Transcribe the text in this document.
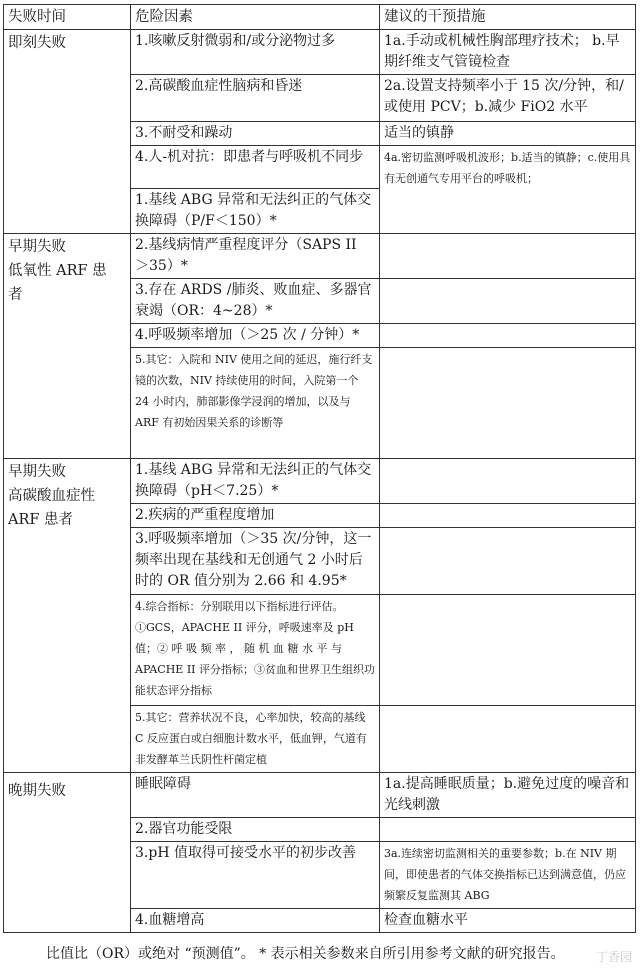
失败时间	危险因素	建议的干预措施

即刻失败	1.咳嗽反射微弱和/或分泌物过多	1a.手动或机械性胸部理疗技术； b.早期纤维支气管镜检查
	2.高碳酸血症性脑病和昏迷	2a.设置支持频率小于 15 次/分钟，和/或使用 PCV；b.减少 FiO2 水平
	3.不耐受和躁动	适当的镇静
	4.人-机对抗：即患者与呼吸机不同步	4a.密切监测呼吸机波形；b.适当的镇静；c.使用具有无创通气专用平台的呼吸机；
	1.基线 ABG 异常和无法纠正的气体交换障碍（P/F＜150）*	

早期失败
低氧性 ARF 患
者	2.基线病情严重程度评分（SAPS II ＞35）*	
	3.存在 ARDS /肺炎、败血症、多器官衰竭（OR：4~28）*	
	4.呼吸频率增加（＞25 次 / 分钟）*	
	5.其它：入院和 NIV 使用之间的延迟，施行纤支镜的次数，NIV 持续使用的时间，入院第一个 24 小时内，肺部影像学浸润的增加，以及与 ARF 有初始因果关系的诊断等	

早期失败
高碳酸血症性
ARF 患者	1.基线 ABG 异常和无法纠正的气体交换障碍（pH＜7.25）*	
	2.疾病的严重程度增加	
	3.呼吸频率增加（＞35 次/分钟，这一频率出现在基线和无创通气 2 小时后时的 OR 值分别为 2.66 和 4.95*	
	4.综合指标：分别联用以下指标进行评估。①GCS，APACHE II 评分，呼吸速率及 pH 值；② 呼 吸 频 率 ， 随 机 血 糖 水 平 与 APACHE II 评分指标；③贫血和世界卫生组织功能状态评分指标	
	5.其它：营养状况不良，心率加快，较高的基线 C 反应蛋白或白细胞计数水平，低血钾，气道有非发酵革兰氏阴性杆菌定植	

晚期失败	睡眠障碍	1a.提高睡眠质量；b.避免过度的噪音和光线刺激
	2.器官功能受限	
	3.pH 值取得可接受水平的初步改善	3a.连续密切监测相关的重要参数；b.在 NIV 期间，即使患者的气体交换指标已达到满意值，仍应频繁反复监测其 ABG
	4.血糖增高	检查血糖水平
比值比（OR）或绝对 “预测值”。 * 表示相关参数来自所引用参考文献的研究报告。	丁香园
